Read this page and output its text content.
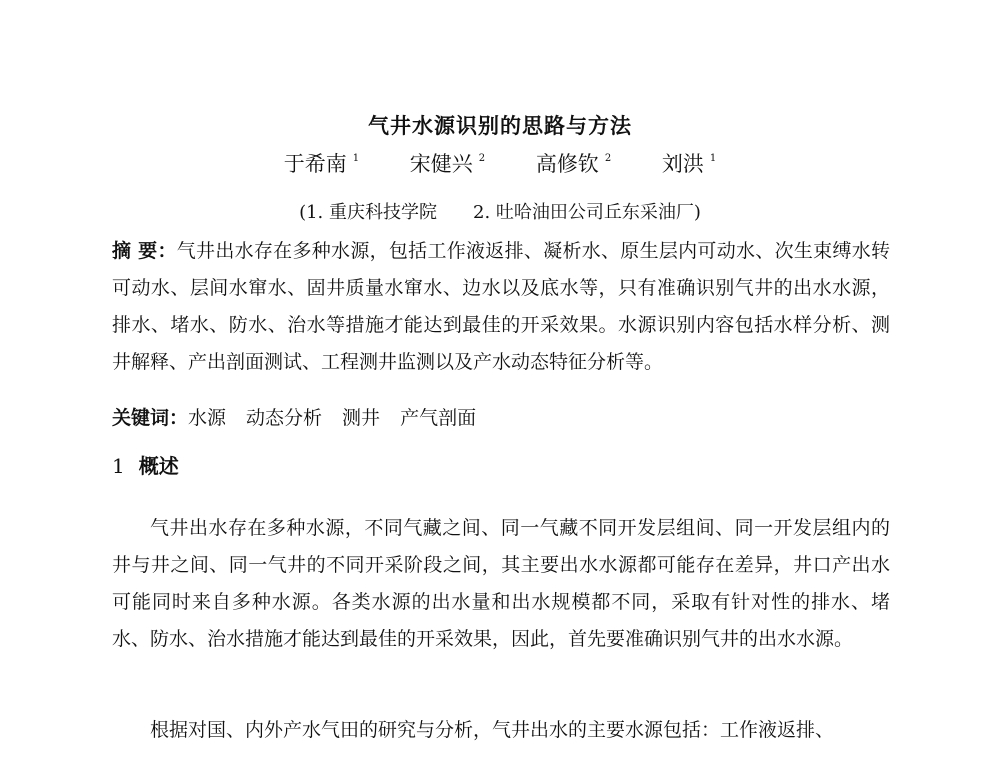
气井水源识别的思路与方法
于希南 $^1$ 宋健兴 $^2$ 高修钦 $^2$ 刘洪 $^1$
(1. 重庆科技学院 2. 吐哈油田公司丘东采油厂)
摘 要：气井出水存在多种水源，包括工作液返排、凝析水、原生层内可动水、次生束缚水转可动水、层间水窜水、固井质量水窜水、边水以及底水等，只有准确识别气井的出水水源，排水、堵水、防水、治水等措施才能达到最佳的开采效果。水源识别内容包括水样分析、测井解释、产出剖面测试、工程测井监测以及产水动态特征分析等。
关键词：水源 动态分析 测井 产气剖面
1 概述
气井出水存在多种水源，不同气藏之间、同一气藏不同开发层组间、同一开发层组内的井与井之间、同一气井的不同开采阶段之间，其主要出水水源都可能存在差异，井口产出水可能同时来自多种水源。各类水源的出水量和出水规模都不同，采取有针对性的排水、堵水、防水、治水措施才能达到最佳的开采效果，因此，首先要准确识别气井的出水水源。
根据对国、内外产水气田的研究与分析，气井出水的主要水源包括：工作液返排、
